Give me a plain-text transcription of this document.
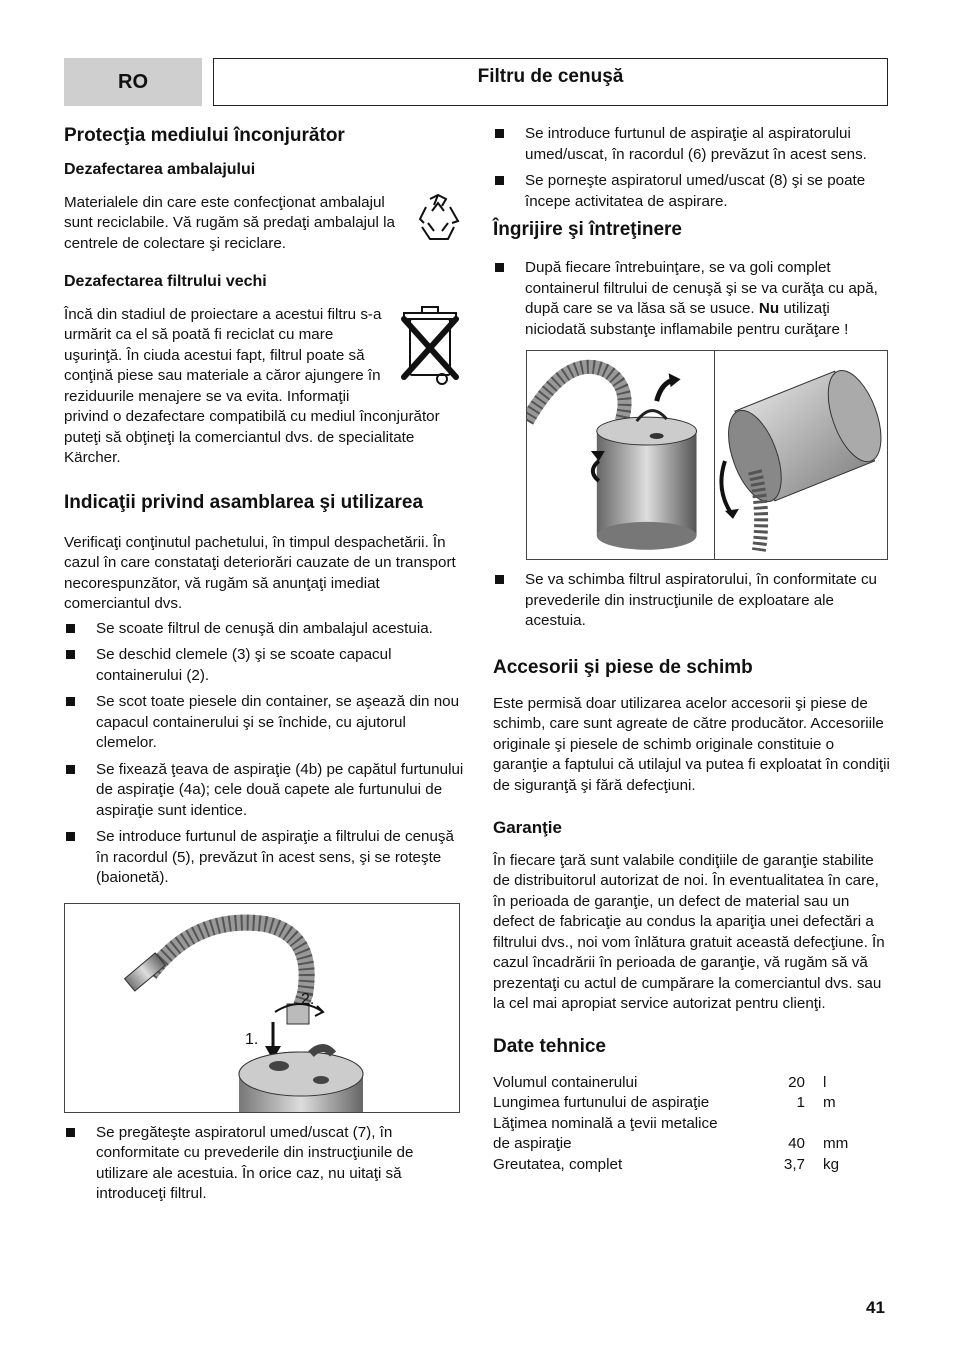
RO	Filtru de cenuşă
Protecţia mediului înconjurător
Dezafectarea ambalajului

Materialele din care este confecţionat ambalajul sunt reciclabile. Vă rugăm să predaţi ambalajul la centrele de colectare şi reciclare.

Dezafectarea filtrului vechi

Încă din stadiul de proiectare a acestui filtru s-a urmărit ca el să poată fi reciclat cu mare uşurinţă. În ciuda acestui fapt, filtrul poate să conţină piese sau materiale a căror ajungere în reziduurile menajere se va evita. Informaţii privind o dezafectare compatibilă cu mediul înconjurător puteţi să obţineţi la comerciantul dvs. de specialitate Kärcher.

Indicaţii privind asamblarea şi utilizarea

Verificaţi conţinutul pachetului, în timpul despachetării. În cazul în care constataţi deteriorări cauzate de un transport necorespunzător, vă rugăm să anunţaţi imediat comerciantul dvs.

Se scoate filtrul de cenuşă din ambalajul acestuia.
Se deschid clemele (3) şi se scoate capacul containerului (2).
Se scot toate piesele din container, se aşează din nou capacul containerului şi se închide, cu ajutorul clemelor.
Se fixează ţeava de aspiraţie (4b) pe capătul furtunului de aspiraţie (4a); cele două capete ale furtunului de aspiraţie sunt identice.
Se introduce furtunul de aspiraţie a filtrului de cenuşă în racordul (5), prevăzut în acest sens, şi se roteşte (baionetă).
2.
1.
Se pregăteşte aspiratorul umed/uscat (7), în conformitate cu prevederile din instrucţiunile de utilizare ale acestuia. În orice caz, nu uitaţi să introduceţi filtrul.
Se introduce furtunul de aspiraţie al aspiratorului umed/uscat, în racordul (6) prevăzut în acest sens.
Se porneşte aspiratorul umed/uscat (8) şi se poate începe activitatea de aspirare.
Îngrijire şi întreţinere
După fiecare întrebuinţare, se va goli complet containerul filtrului de cenuşă şi se va curăţa cu apă, după care se va lăsa să se usuce. Nu utilizaţi niciodată substanţe inflamabile pentru curăţare !
Se va schimba filtrul aspiratorului, în conformitate cu prevederile din instrucţiunile de exploatare ale acestuia.
Accesorii şi piese de schimb

Este permisă doar utilizarea acelor accesorii şi piese de schimb, care sunt agreate de către producător. Accesoriile originale şi piesele de schimb originale constituie o garanţie a faptului că utilajul va putea fi exploatat în condiţii de siguranţă şi fără defecţiuni.

Garanţie

În fiecare ţară sunt valabile condiţiile de garanţie stabilite de distribuitorul autorizat de noi. În eventualitatea în care, în perioada de garanţie, un defect de material sau un defect de fabricaţie au condus la apariţia unei defectări a filtrului dvs., noi vom înlătura gratuit această defecţiune. În cazul încadrării în perioada de garanţie, vă rugăm să vă prezentaţi cu actul de cumpărare la comerciantul dvs. sau la cel mai apropiat service autorizat pentru clienţi.

Date tehnice
Volumul containerului	20	l
Lungimea furtunului de aspiraţie	1	m
Lăţimea nominală a ţevii metalice		
de aspiraţie	40	mm
Greutatea, complet	3,7	kg
41
